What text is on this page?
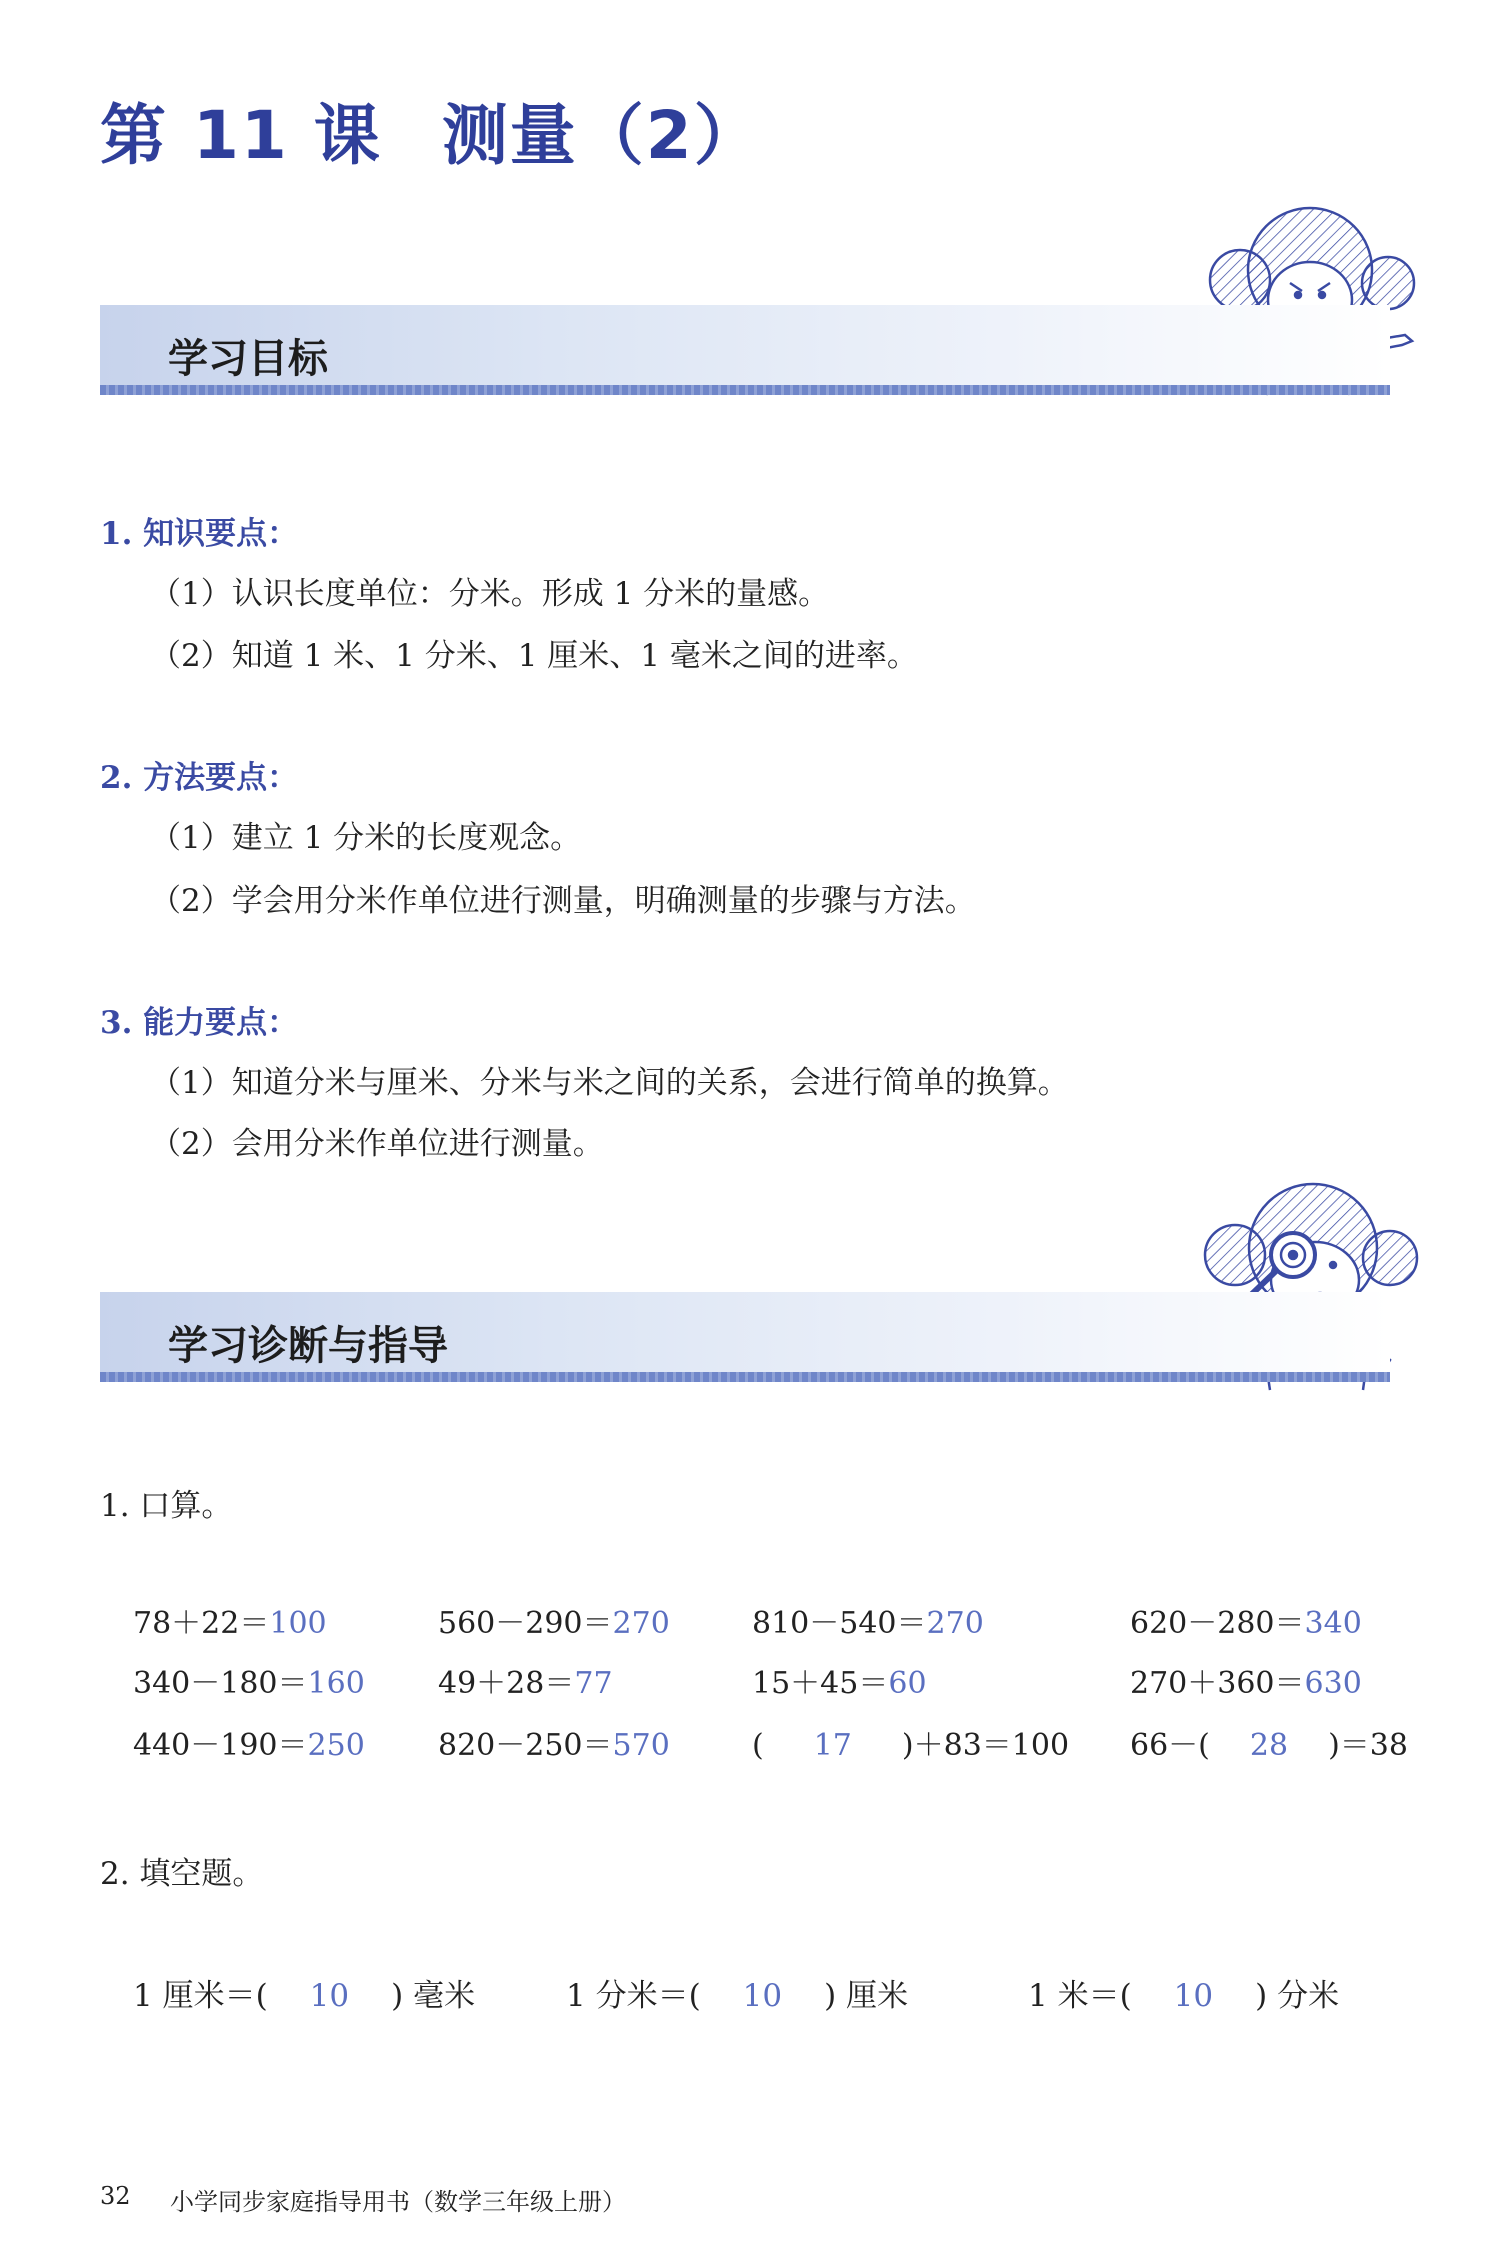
第 11 课 测量（2）
学习目标
1. 知识要点：
（1）认识长度单位：分米。形成 1 分米的量感。
（2）知道 1 米、1 分米、1 厘米、1 毫米之间的进率。
2. 方法要点：
（1）建立 1 分米的长度观念。
（2）学会用分米作单位进行测量，明确测量的步骤与方法。
3. 能力要点：
（1）知道分米与厘米、分米与米之间的关系，会进行简单的换算。
（2）会用分米作单位进行测量。
学习诊断与指导
1. 口算。
78＋22＝100	560－290＝270	810－540＝270	620－280＝340
340－180＝160 49＋28＝77	15＋45＝60	270＋360＝630
440－190＝250 820－250＝570	( 17 )＋83＝100 66－( 28 )＝38
2. 填空题。
1 厘米＝( 10 ) 毫米	1 分米＝( 10 ) 厘米	1 米＝( 10 ) 分米
32 小学同步家庭指导用书（数学三年级上册）
